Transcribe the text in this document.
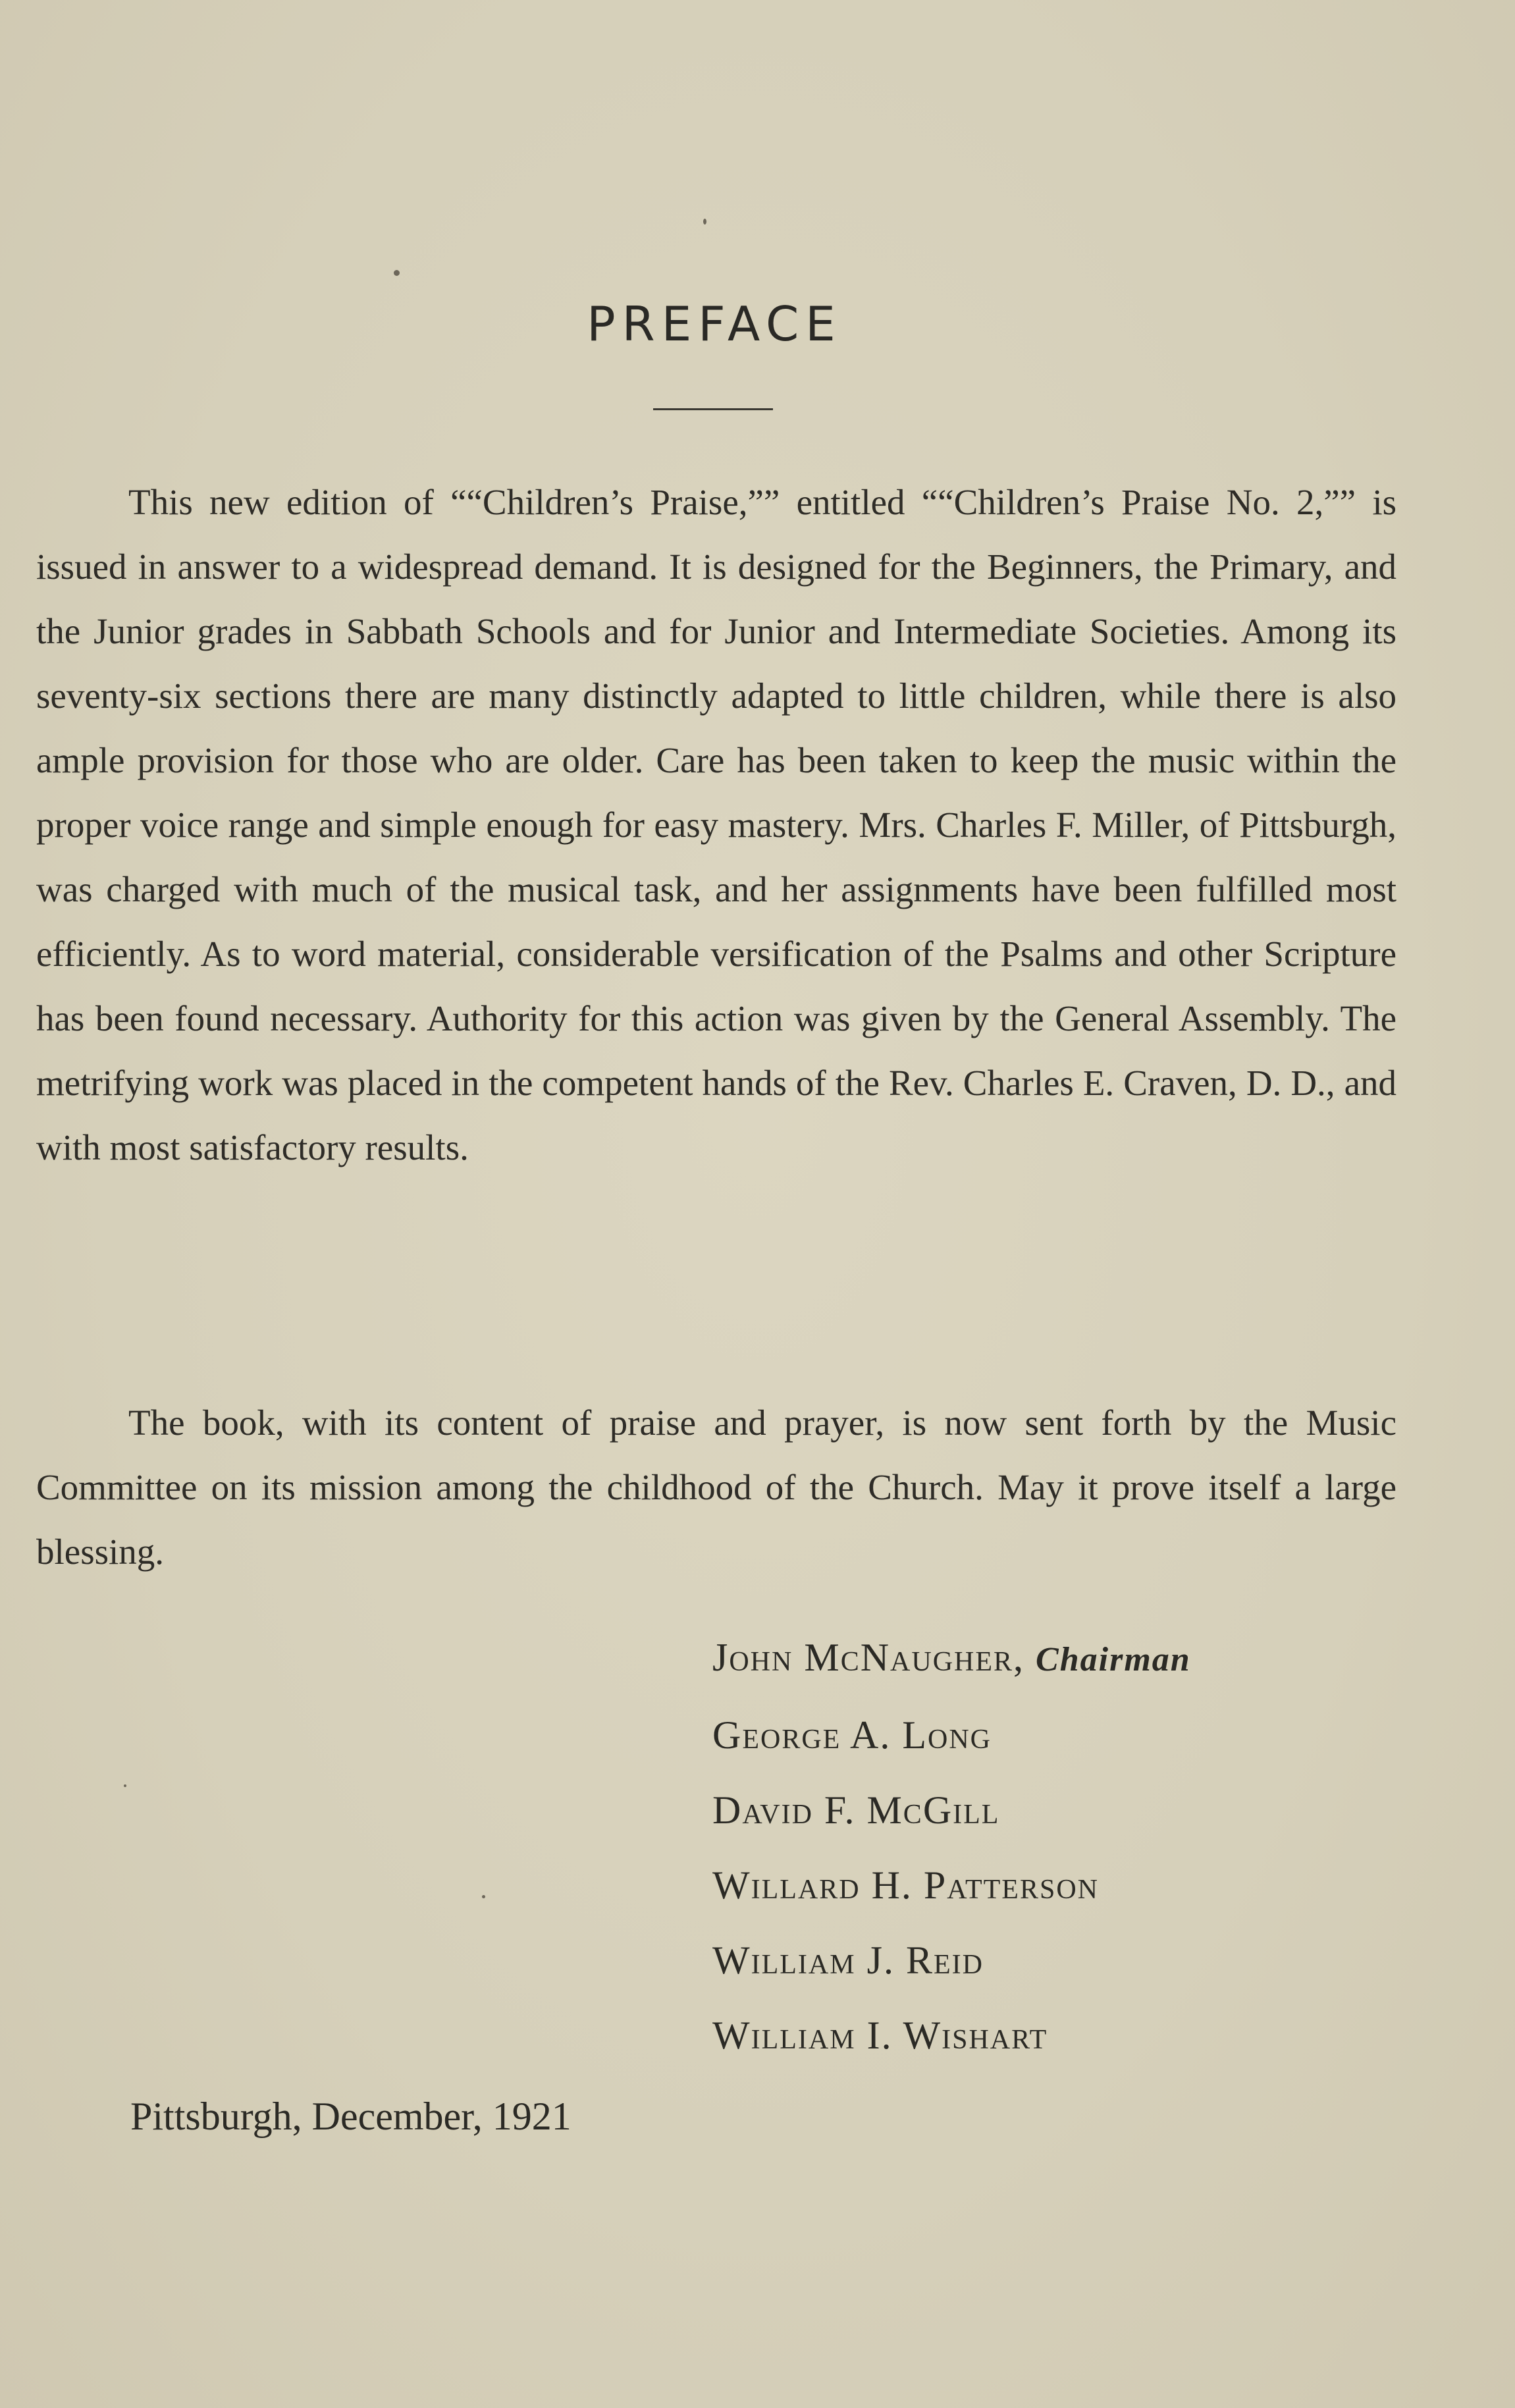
PREFACE

This new edition of ““Children’s Praise,”” entitled ““Children’s Praise No. 2,”” is issued in answer to a widespread demand. It is designed for the Beginners, the Primary, and the Junior grades in Sabbath Schools and for Junior and Intermediate Societies. Among its seventy-six sections there are many distinctly adapted to little children, while there is also ample provision for those who are older. Care has been taken to keep the music within the proper voice range and simple enough for easy mastery. Mrs. Charles F. Miller, of Pittsburgh, was charged with much of the musical task, and her assignments have been fulfilled most efficiently. As to word material, considerable versification of the Psalms and other Scripture has been found necessary. Authority for this action was given by the General Assembly. The metrifying work was placed in the competent hands of the Rev. Charles E. Craven, D. D., and with most satisfactory results.

The book, with its content of praise and prayer, is now sent forth by the Music Committee on its mission among the childhood of the Church. May it prove itself a large blessing.

John McNaugher, Chairman
George A. Long
David F. McGill
Willard H. Patterson
William J. Reid
William I. Wishart
Pittsburgh, December, 1921
